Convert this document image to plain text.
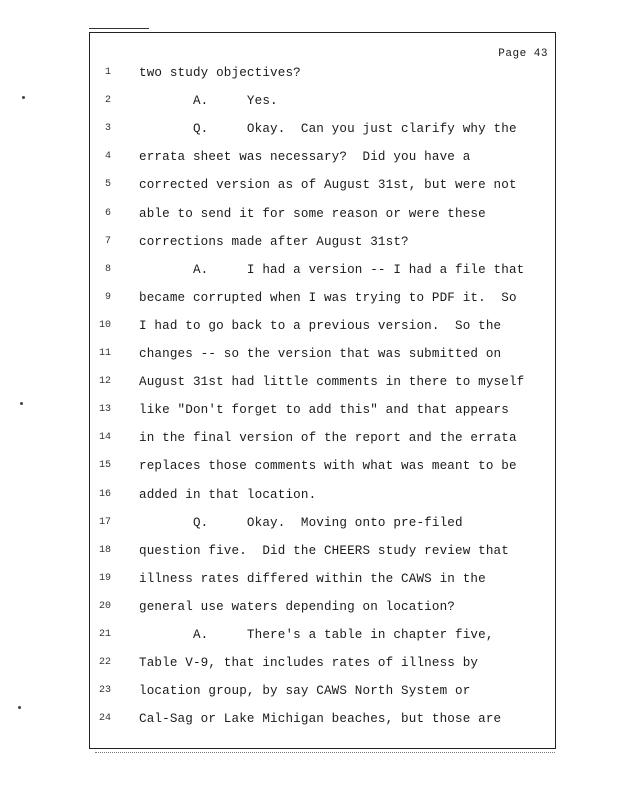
Page 43
1
2
3
4
5
6
7
8
9
10
11
12
13
14
15
16
17
18
19
20
21
22
23
24
two study objectives?
A.     Yes.
Q.     Okay.  Can you just clarify why the
errata sheet was necessary?  Did you have a
corrected version as of August 31st, but were not
able to send it for some reason or were these
corrections made after August 31st?
A.     I had a version -- I had a file that
became corrupted when I was trying to PDF it.  So
I had to go back to a previous version.  So the
changes -- so the version that was submitted on
August 31st had little comments in there to myself
like "Don't forget to add this" and that appears
in the final version of the report and the errata
replaces those comments with what was meant to be
added in that location.
Q.     Okay.  Moving onto pre-filed
question five.  Did the CHEERS study review that
illness rates differed within the CAWS in the
general use waters depending on location?
A.     There's a table in chapter five,
Table V-9, that includes rates of illness by
location group, by say CAWS North System or
Cal-Sag or Lake Michigan beaches, but those are
